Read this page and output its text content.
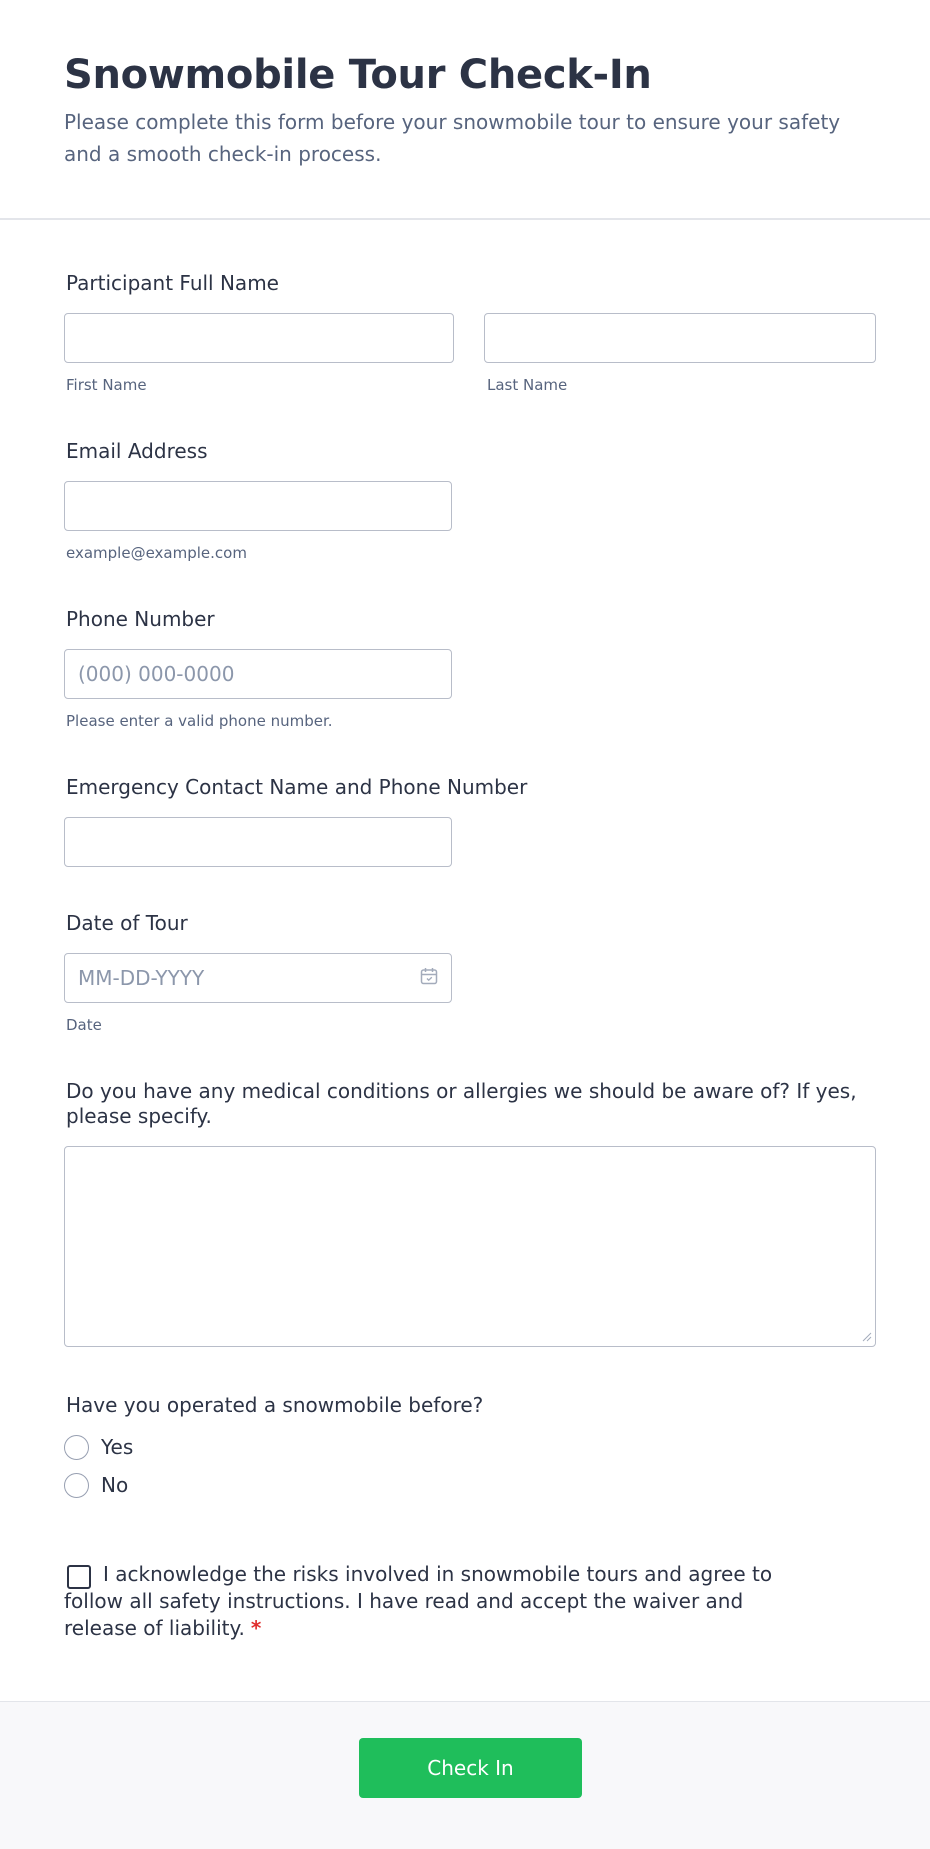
Snowmobile Tour Check-In

Please complete this form before your snowmobile tour to ensure your safety and a smooth check-in process.

Participant Full Name
First Name	Last Name
Email Address
example@example.com
Phone Number
(000) 000-0000
Please enter a valid phone number.
Emergency Contact Name and Phone Number
Date of Tour
MM-DD-YYYY
Date
Do you have any medical conditions or allergies we should be aware of? If yes, please specify.
Have you operated a snowmobile before?
Yes
No
I acknowledge the risks involved in snowmobile tours and agree to follow all safety instructions. I have read and accept the waiver and release of liability. *
Check In
